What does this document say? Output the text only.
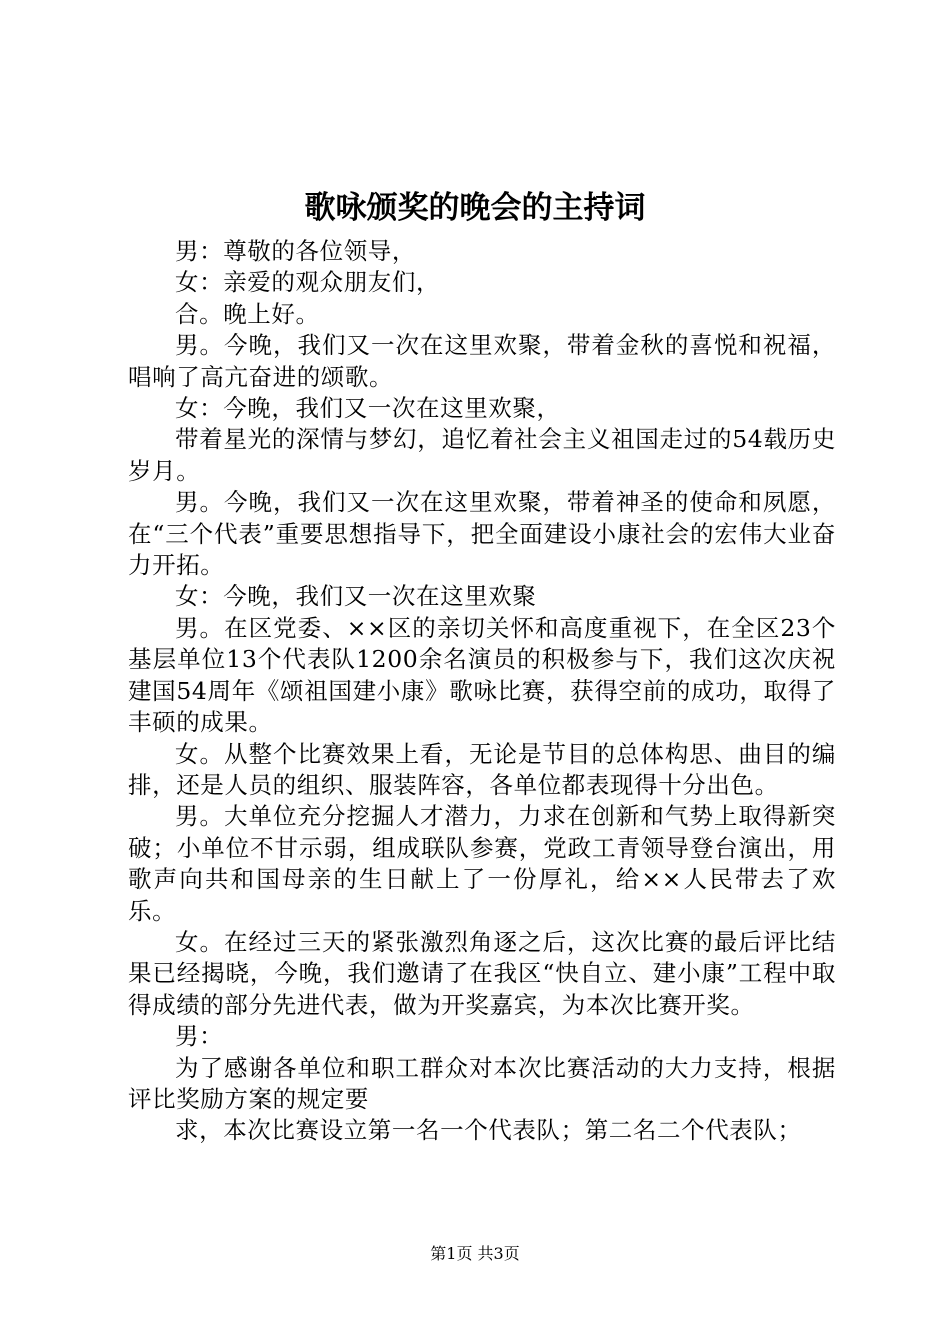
歌咏颁奖的晚会的主持词

男：尊敬的各位领导，

女：亲爱的观众朋友们，

合。晚上好。

男。今晚，我们又一次在这里欢聚，带着金秋的喜悦和祝福，唱响了高亢奋进的颂歌。

女：今晚，我们又一次在这里欢聚，

带着星光的深情与梦幻，追忆着社会主义祖国走过的54载历史岁月。

男。今晚，我们又一次在这里欢聚，带着神圣的使命和夙愿，在“三个代表”重要思想指导下，把全面建设小康社会的宏伟大业奋力开拓。

女：今晚，我们又一次在这里欢聚

男。在区党委、××区的亲切关怀和高度重视下，在全区23个基层单位13个代表队1200余名演员的积极参与下，我们这次庆祝建国54周年《颂祖国建小康》歌咏比赛，获得空前的成功，取得了丰硕的成果。

女。从整个比赛效果上看，无论是节目的总体构思、曲目的编排，还是人员的组织、服装阵容，各单位都表现得十分出色。

男。大单位充分挖掘人才潜力，力求在创新和气势上取得新突破；小单位不甘示弱，组成联队参赛，党政工青领导登台演出，用歌声向共和国母亲的生日献上了一份厚礼，给××人民带去了欢乐。

女。在经过三天的紧张激烈角逐之后，这次比赛的最后评比结果已经揭晓，今晚，我们邀请了在我区“快自立、建小康”工程中取得成绩的部分先进代表，做为开奖嘉宾，为本次比赛开奖。

男：

为了感谢各单位和职工群众对本次比赛活动的大力支持，根据评比奖励方案的规定要

求，本次比赛设立第一名一个代表队；第二名二个代表队；

第1页 共3页
